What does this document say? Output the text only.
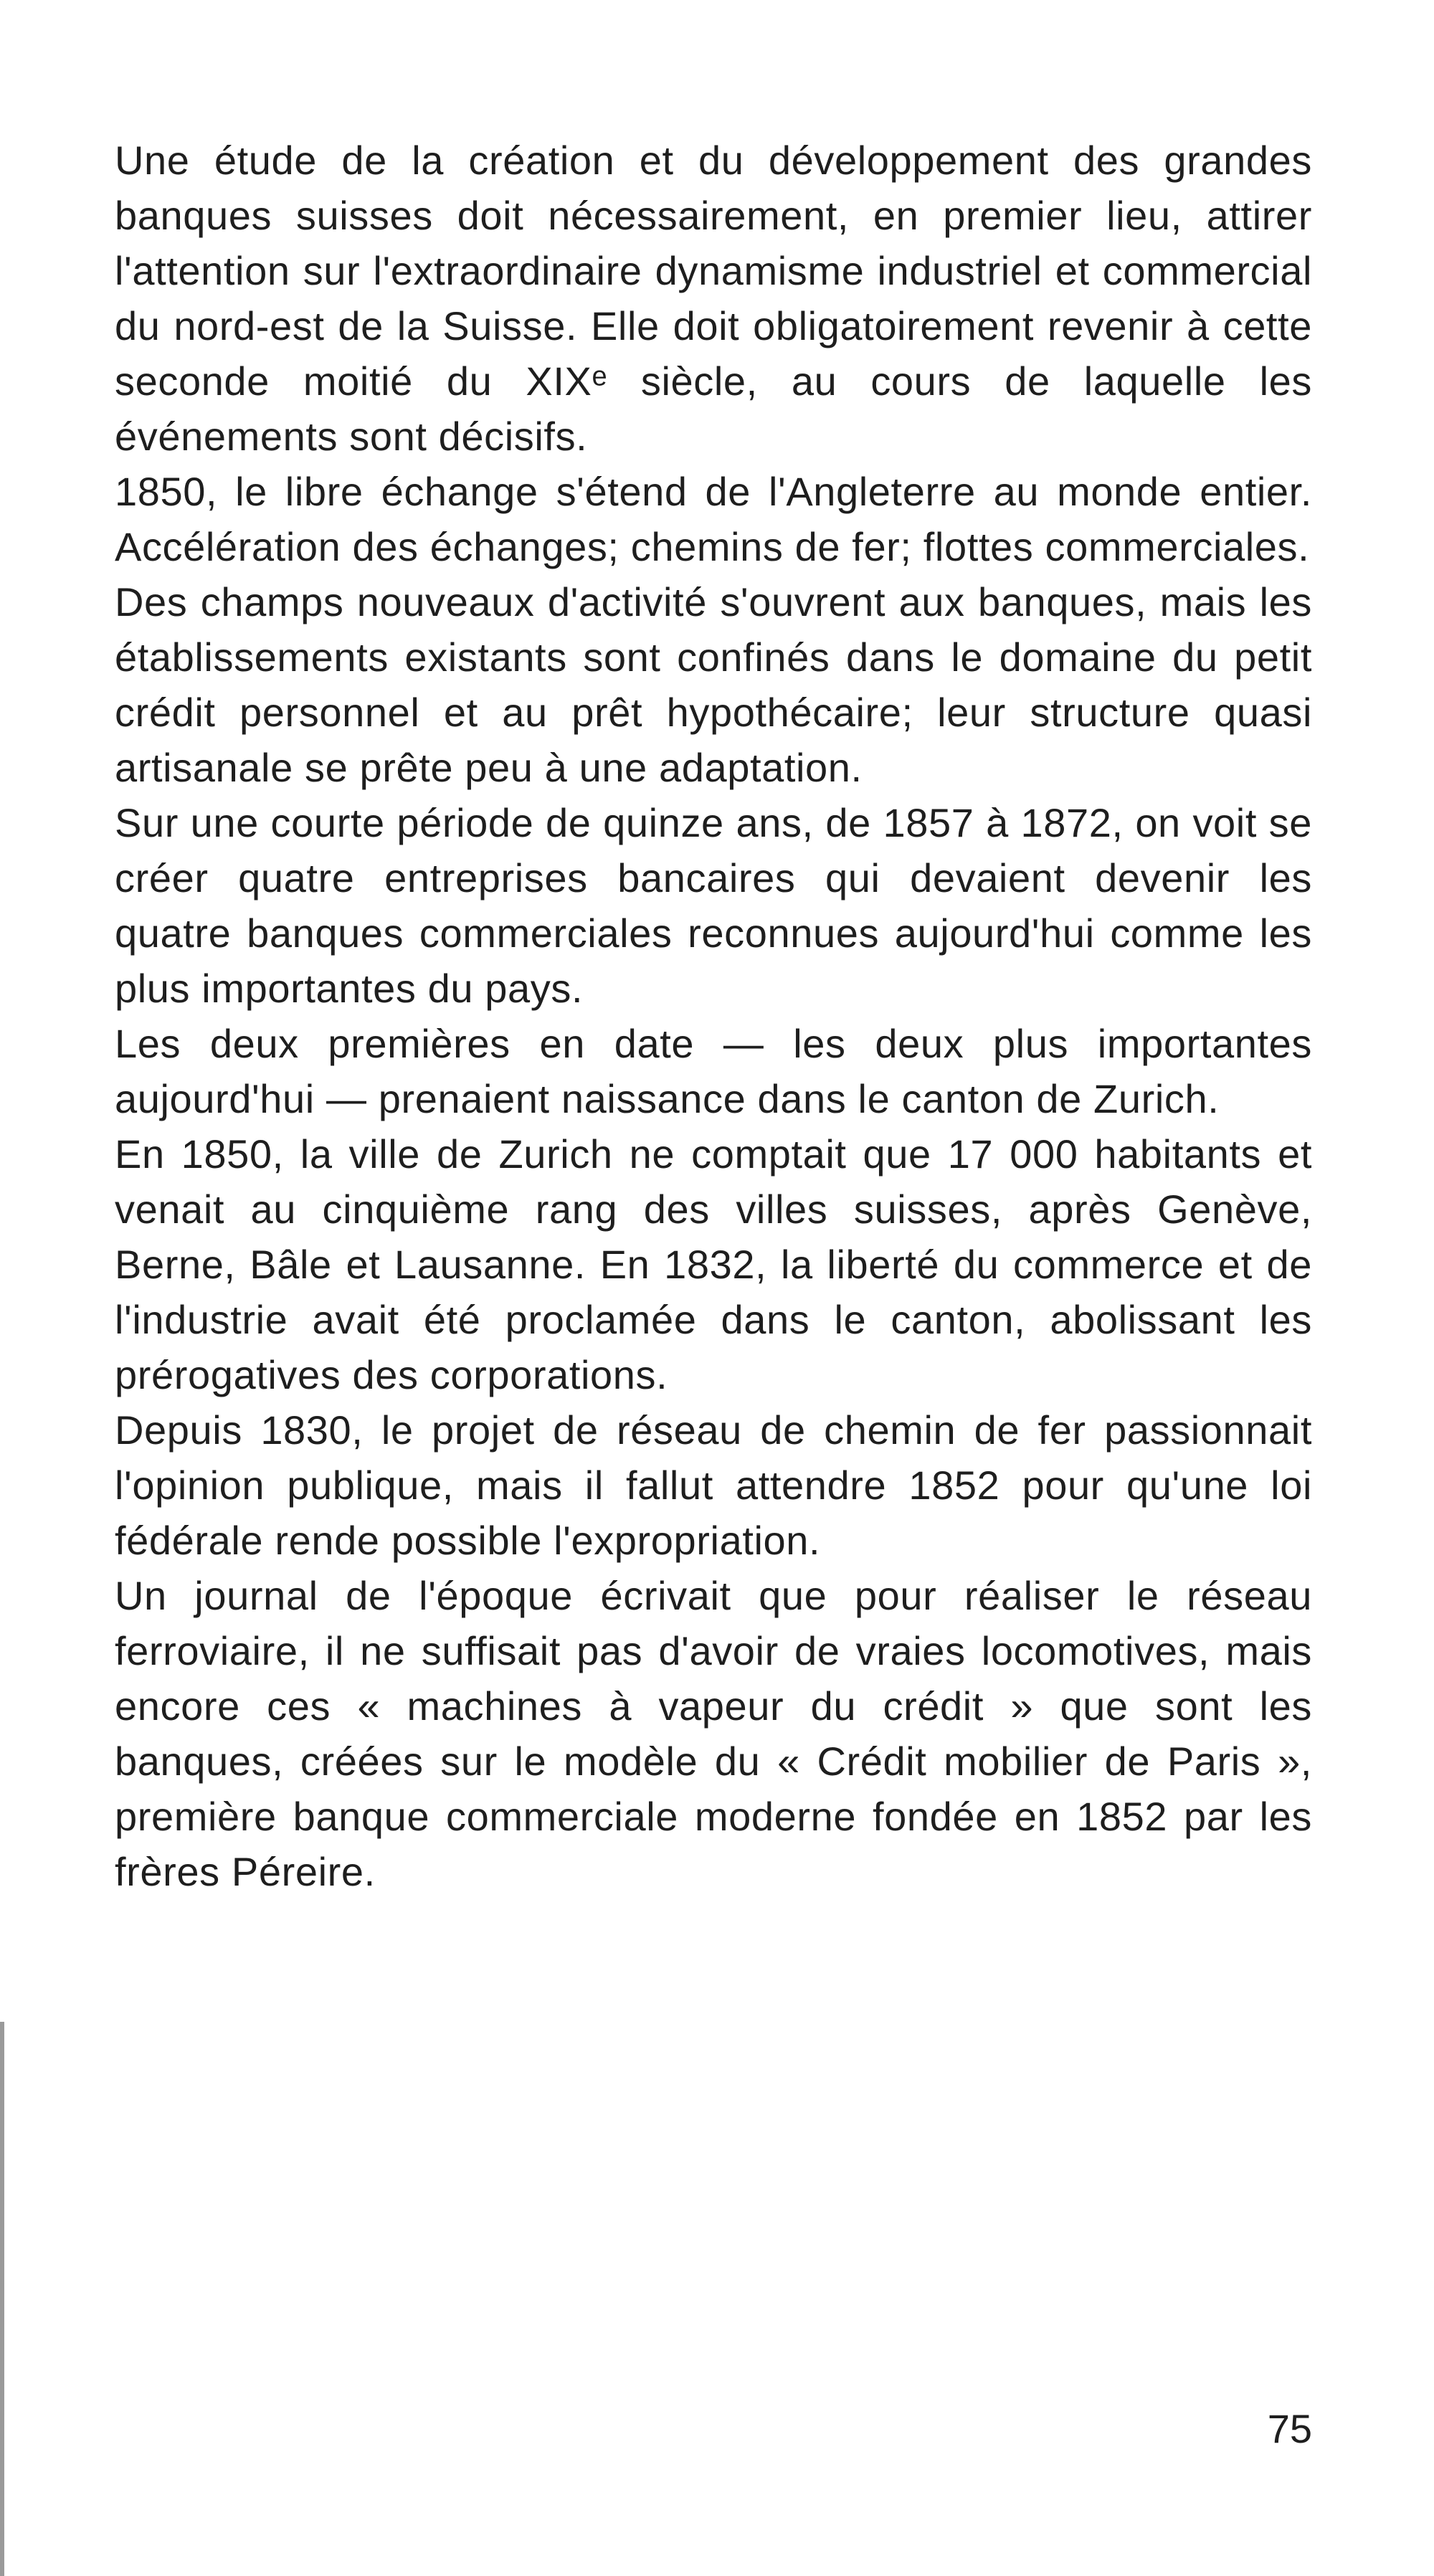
Une étude de la création et du développement des grandes banques suisses doit nécessairement, en premier lieu, attirer l'attention sur l'extraordinaire dynamisme industriel et commercial du nord-est de la Suisse. Elle doit obligatoirement revenir à cette seconde moitié du XIXᵉ siècle, au cours de laquelle les événements sont décisifs.

1850, le libre échange s'étend de l'Angleterre au monde entier. Accélération des échanges; chemins de fer; flottes commerciales.

Des champs nouveaux d'activité s'ouvrent aux banques, mais les établissements existants sont confinés dans le domaine du petit crédit personnel et au prêt hypothécaire; leur structure quasi artisanale se prête peu à une adaptation.

Sur une courte période de quinze ans, de 1857 à 1872, on voit se créer quatre entreprises bancaires qui devaient devenir les quatre banques commerciales reconnues aujourd'hui comme les plus importantes du pays.

Les deux premières en date — les deux plus importantes aujourd'hui — prenaient naissance dans le canton de Zurich.

En 1850, la ville de Zurich ne comptait que 17 000 habitants et venait au cinquième rang des villes suisses, après Genève, Berne, Bâle et Lausanne. En 1832, la liberté du commerce et de l'industrie avait été proclamée dans le canton, abolissant les prérogatives des corporations.

Depuis 1830, le projet de réseau de chemin de fer passionnait l'opinion publique, mais il fallut attendre 1852 pour qu'une loi fédérale rende possible l'expropriation.

Un journal de l'époque écrivait que pour réaliser le réseau ferroviaire, il ne suffisait pas d'avoir de vraies locomotives, mais encore ces « machines à vapeur du crédit » que sont les banques, créées sur le modèle du « Crédit mobilier de Paris », première banque commerciale moderne fondée en 1852 par les frères Péreire.

75
